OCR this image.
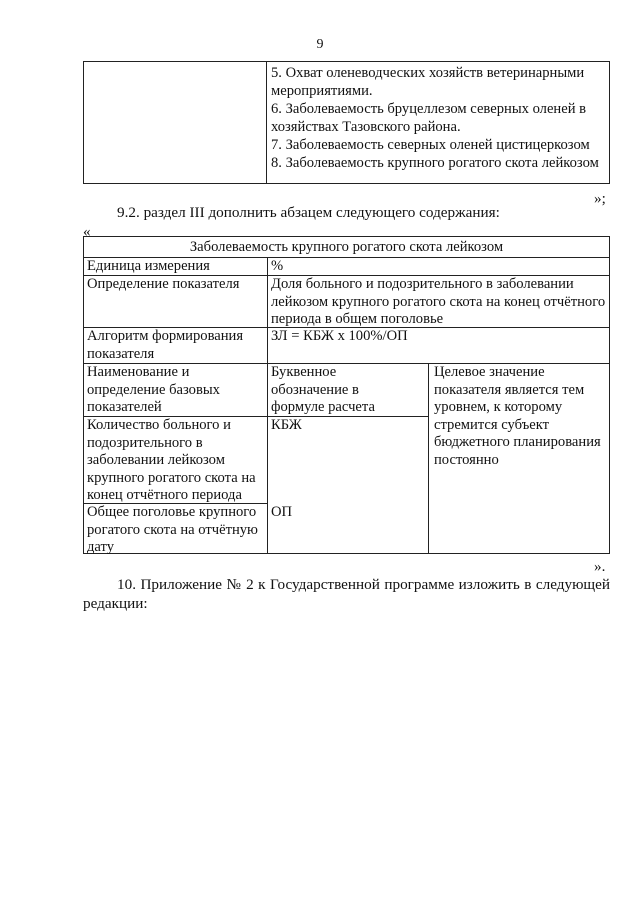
9
5. Охват оленеводческих хозяйств ветеринарными мероприятиями.
6. Заболеваемость бруцеллезом северных оленей в хозяйствах Тазовского района.
7. Заболеваемость северных оленей цистицеркозом
8. Заболеваемость крупного рогатого скота лейкозом
»;
9.2. раздел III дополнить абзацем следующего содержания:
«
Заболеваемость крупного рогатого скота лейкозом
Единица измерения	%
Определение показателя	Доля больного и подозрительного в заболевании лейкозом крупного рогатого скота на конец отчётного периода в общем поголовье
Алгоритм формирования показателя
ЗЛ = КБЖ х 100%/ОП
Наименование и определение базовых показателей
Буквенное обозначение в формуле расчета
Целевое значение показателя является тем уровнем, к которому стремится субъект бюджетного планирования постоянно
Количество больного и подозрительного в заболевании лейкозом крупного рогатого скота на конец отчётного периода
КБЖ
Общее поголовье крупного рогатого скота на отчётную дату
ОП
».
10. Приложение № 2 к Государственной программе изложить в следующей редакции:
